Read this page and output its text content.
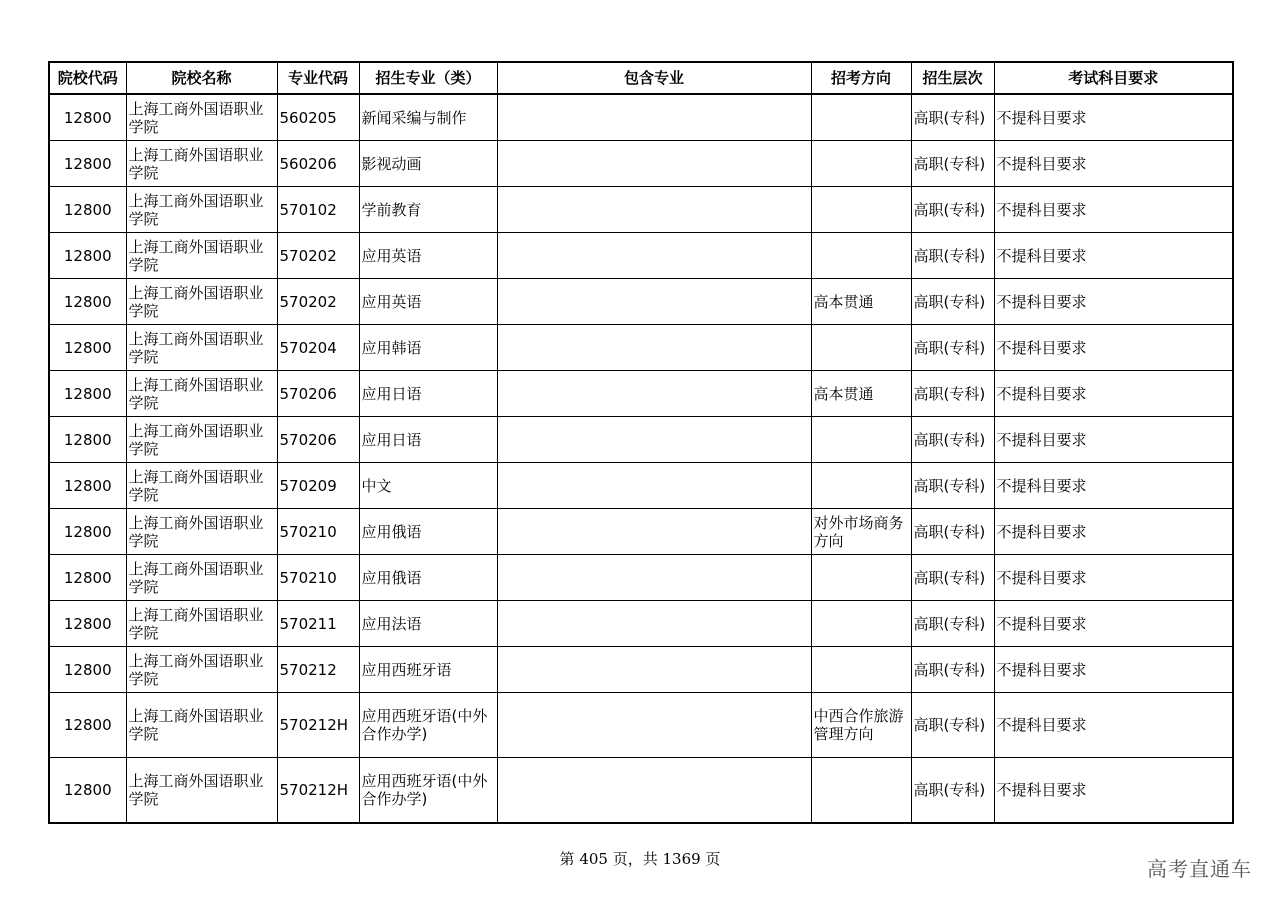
院校代码	院校名称	专业代码	招生专业（类）	包含专业	招考方向	招生层次	考试科目要求
12800	上海工商外国语职业学院	560205	新闻采编与制作			高职(专科)	不提科目要求
12800	上海工商外国语职业学院	560206	影视动画			高职(专科)	不提科目要求
12800	上海工商外国语职业学院	570102	学前教育			高职(专科)	不提科目要求
12800	上海工商外国语职业学院	570202	应用英语			高职(专科)	不提科目要求
12800	上海工商外国语职业学院	570202	应用英语		高本贯通	高职(专科)	不提科目要求
12800	上海工商外国语职业学院	570204	应用韩语			高职(专科)	不提科目要求
12800	上海工商外国语职业学院	570206	应用日语		高本贯通	高职(专科)	不提科目要求
12800	上海工商外国语职业学院	570206	应用日语			高职(专科)	不提科目要求
12800	上海工商外国语职业学院	570209	中文			高职(专科)	不提科目要求
12800	上海工商外国语职业学院	570210	应用俄语		对外市场商务方向	高职(专科)	不提科目要求
12800	上海工商外国语职业学院	570210	应用俄语			高职(专科)	不提科目要求
12800	上海工商外国语职业学院	570211	应用法语			高职(专科)	不提科目要求
12800	上海工商外国语职业学院	570212	应用西班牙语			高职(专科)	不提科目要求
12800	上海工商外国语职业学院	570212H	应用西班牙语(中外合作办学)		中西合作旅游管理方向	高职(专科)	不提科目要求
12800	上海工商外国语职业学院	570212H	应用西班牙语(中外合作办学)			高职(专科)	不提科目要求
第 405 页，共 1369 页	高考直通车
